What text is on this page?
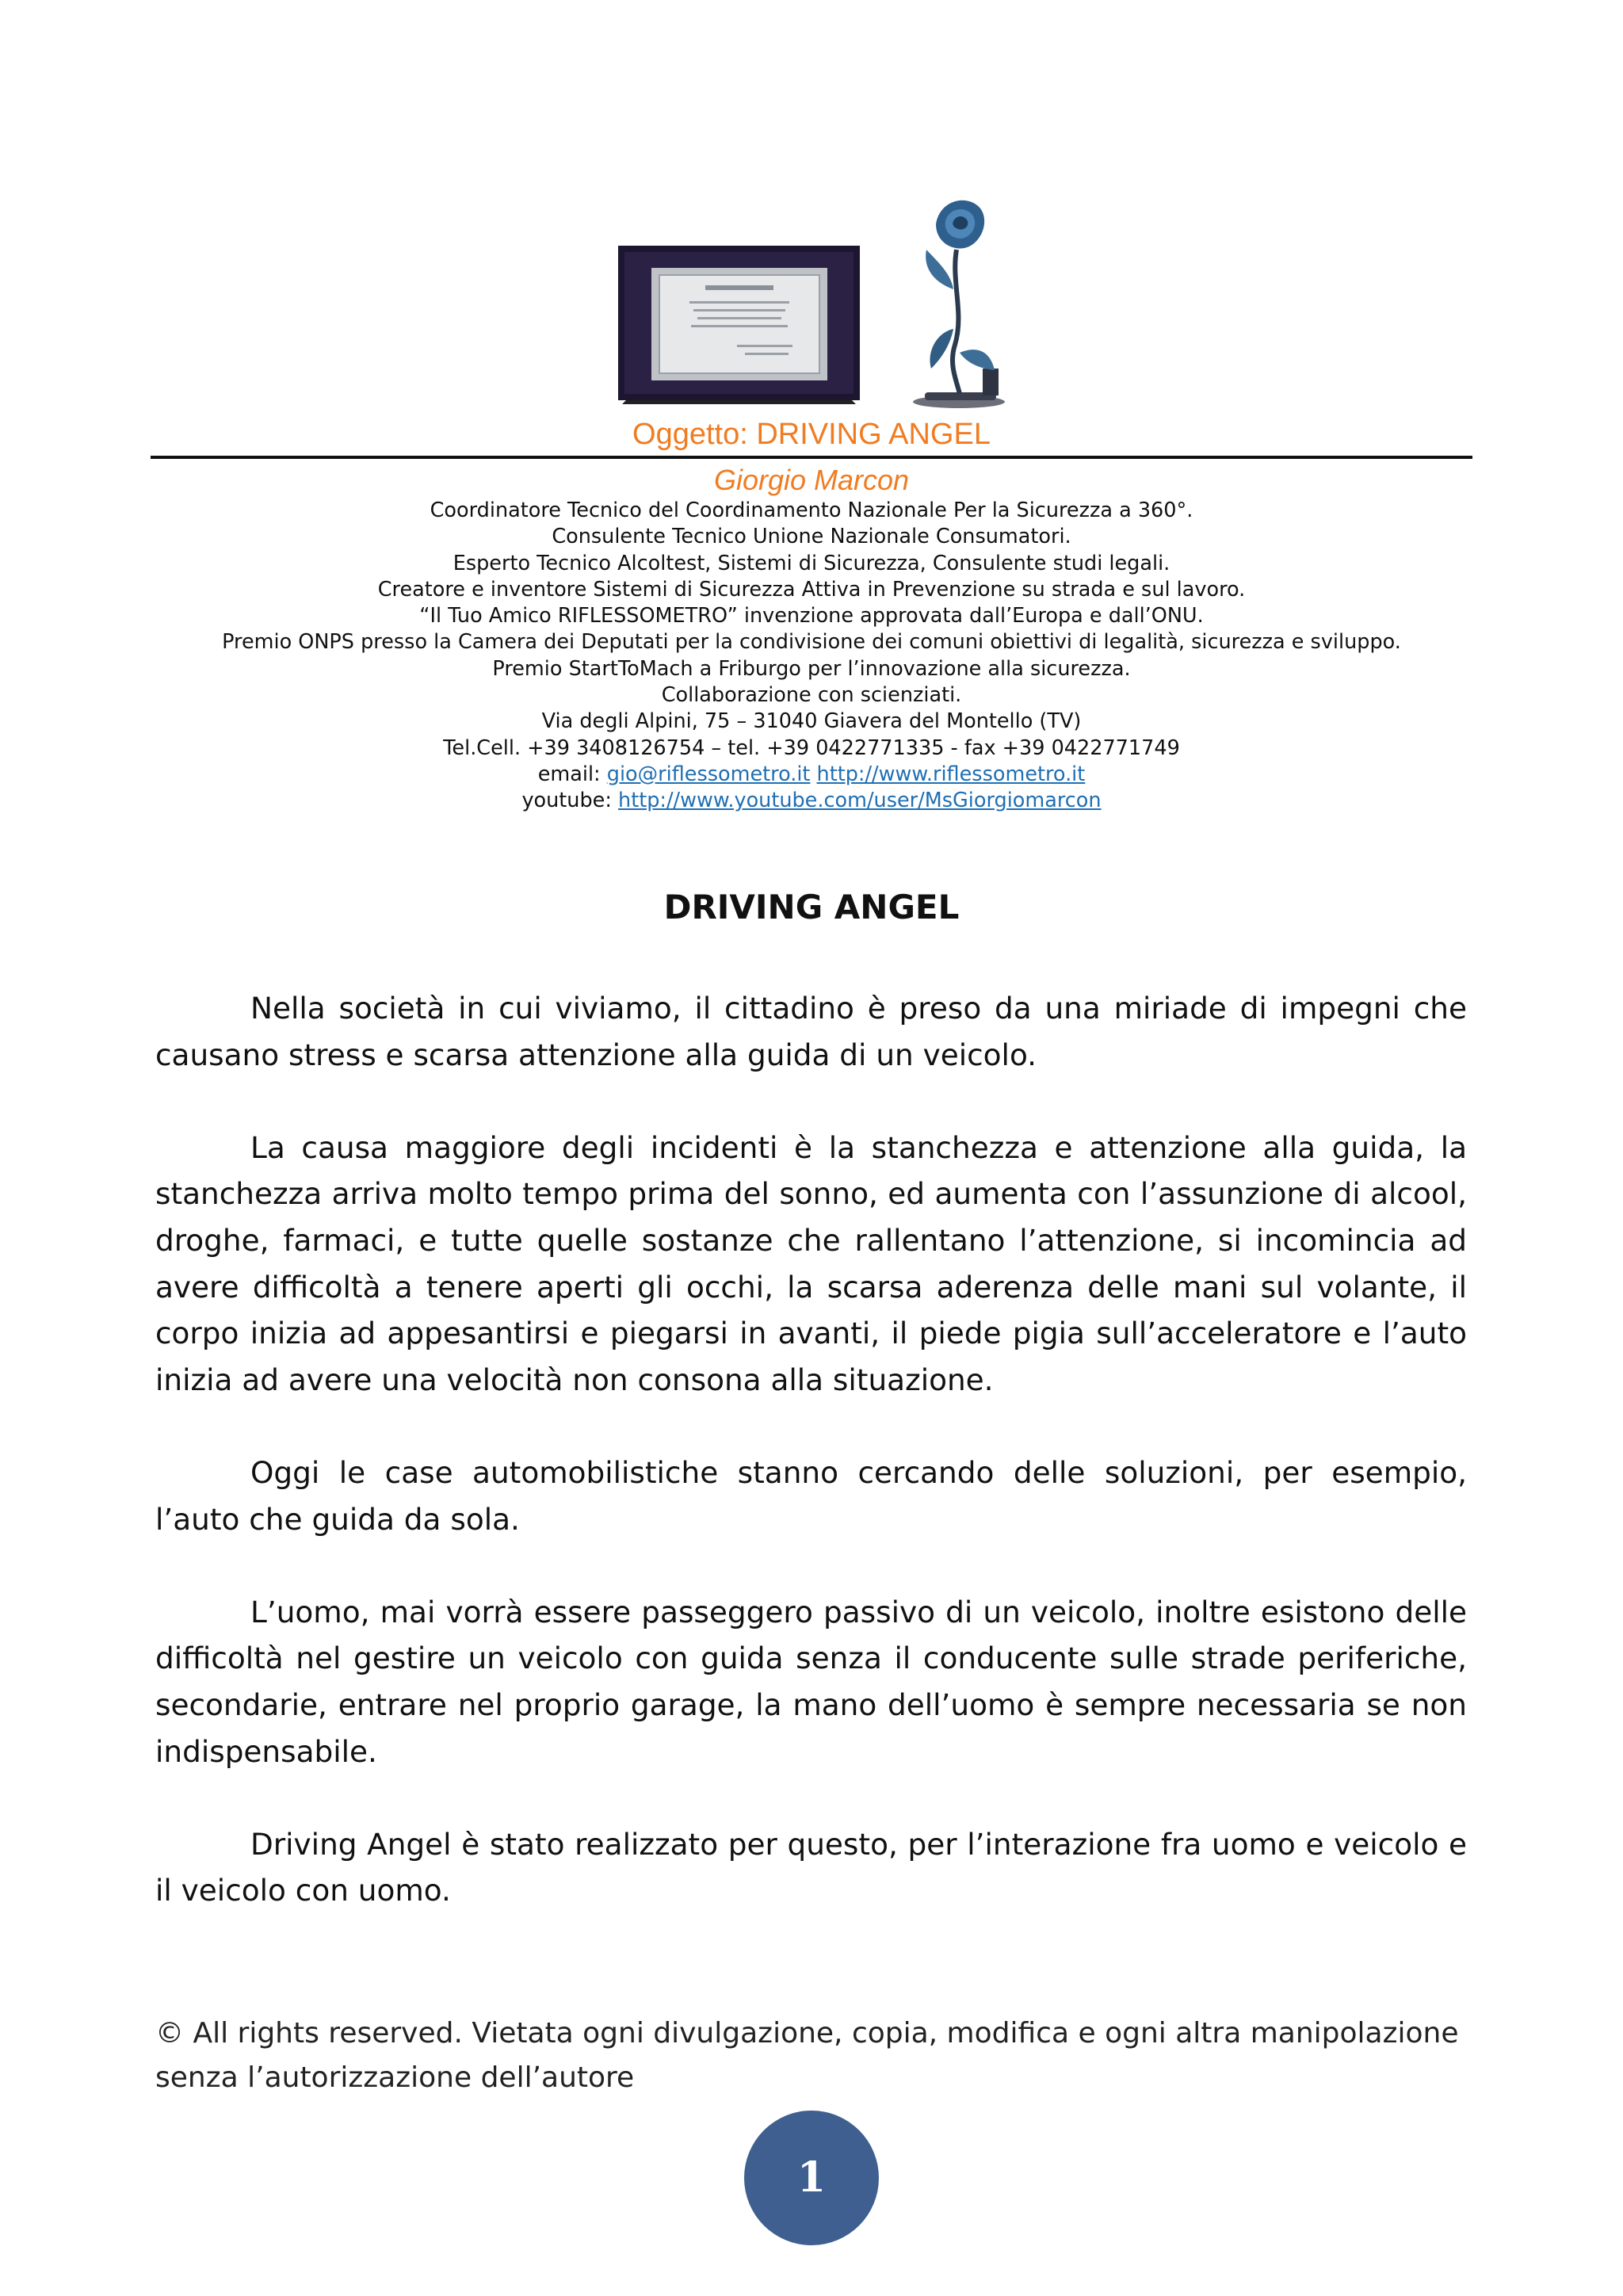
Oggetto: DRIVING ANGEL
Giorgio Marcon
Coordinatore Tecnico del Coordinamento Nazionale Per la Sicurezza a 360°.
Consulente Tecnico Unione Nazionale Consumatori.
Esperto Tecnico Alcoltest, Sistemi di Sicurezza, Consulente studi legali.
Creatore e inventore Sistemi di Sicurezza Attiva in Prevenzione su strada e sul lavoro.
“Il Tuo Amico RIFLESSOMETRO” invenzione approvata dall’Europa e dall’ONU.
Premio ONPS presso la Camera dei Deputati per la condivisione dei comuni obiettivi di legalità, sicurezza e sviluppo.
Premio StartToMach a Friburgo per l’innovazione alla sicurezza.
Collaborazione con scienziati.
Via degli Alpini, 75 – 31040 Giavera del Montello (TV)
Tel.Cell. +39 3408126754 – tel. +39 0422771335 - fax +39 0422771749
email: gio@riflessometro.it http://www.riflessometro.it
youtube: http://www.youtube.com/user/MsGiorgiomarcon
DRIVING ANGEL

Nella società in cui viviamo, il cittadino è preso da una miriade di impegni che causano stress e scarsa attenzione alla guida di un veicolo.

La causa maggiore degli incidenti è la stanchezza e attenzione alla guida, la stanchezza arriva molto tempo prima del sonno, ed aumenta con l’assunzione di alcool, droghe, farmaci, e tutte quelle sostanze che rallentano l’attenzione, si incomincia ad avere difficoltà a tenere aperti gli occhi, la scarsa aderenza delle mani sul volante, il corpo inizia ad appesantirsi e piegarsi in avanti, il piede pigia sull’acceleratore e l’auto inizia ad avere una velocità non consona alla situazione.

Oggi le case automobilistiche stanno cercando delle soluzioni, per esempio, l’auto che guida da sola.

L’uomo, mai vorrà essere passeggero passivo di un veicolo, inoltre esistono delle difficoltà nel gestire un veicolo con guida senza il conducente sulle strade periferiche, secondarie, entrare nel proprio garage, la mano dell’uomo è sempre necessaria se non indispensabile.

Driving Angel è stato realizzato per questo, per l’interazione fra uomo e veicolo e il veicolo con uomo.

© All rights reserved. Vietata ogni divulgazione, copia, modifica e ogni altra manipolazione senza l’autorizzazione dell’autore
1
